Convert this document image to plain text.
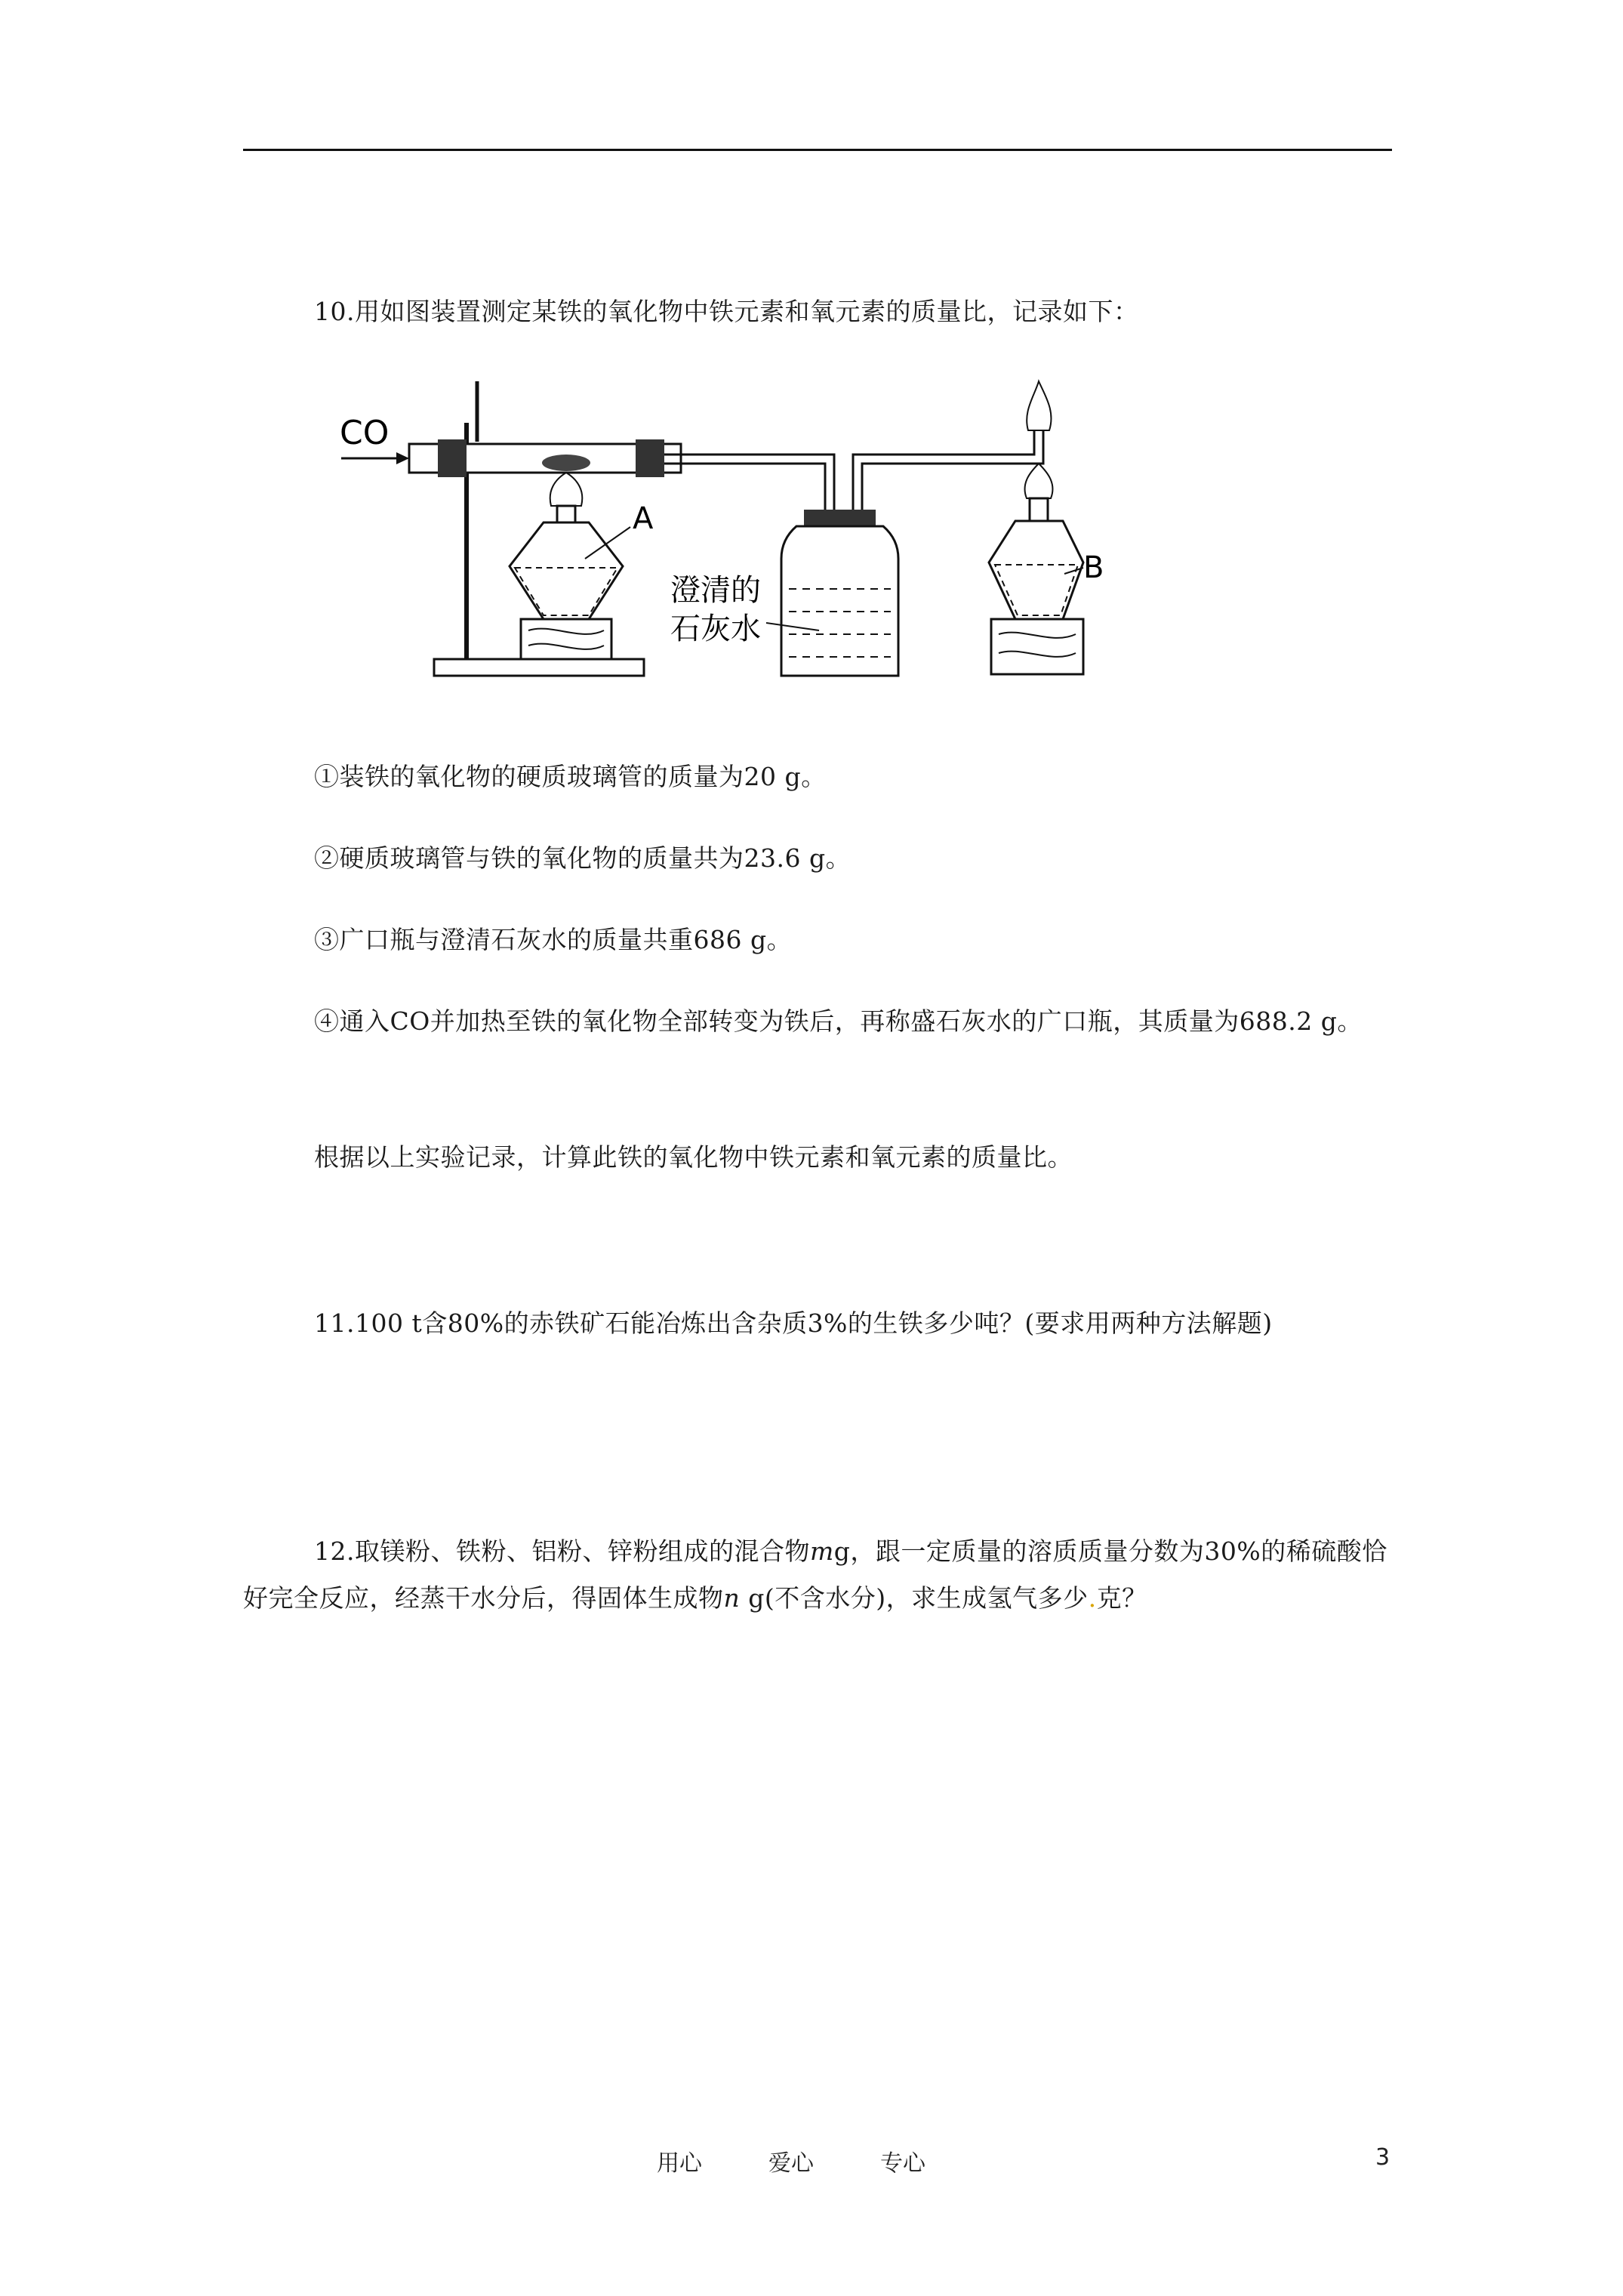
10.用如图装置测定某铁的氧化物中铁元素和氧元素的质量比，记录如下：
CO
A
澄清的
石灰水
B
①装铁的氧化物的硬质玻璃管的质量为20 g。
②硬质玻璃管与铁的氧化物的质量共为23.6 g。
③广口瓶与澄清石灰水的质量共重686 g。
④通入CO并加热至铁的氧化物全部转变为铁后，再称盛石灰水的广口瓶，其质量为688.2 g。
根据以上实验记录，计算此铁的氧化物中铁元素和氧元素的质量比。
11.100 t含80%的赤铁矿石能冶炼出含杂质3%的生铁多少吨？(要求用两种方法解题)
12.取镁粉、铁粉、铝粉、锌粉组成的混合物mg，跟一定质量的溶质质量分数为30%的稀硫酸恰好完全反应，经蒸干水分后，得固体生成物n g(不含水分)，求生成氢气多少.克？
用心	爱心	专心	3
